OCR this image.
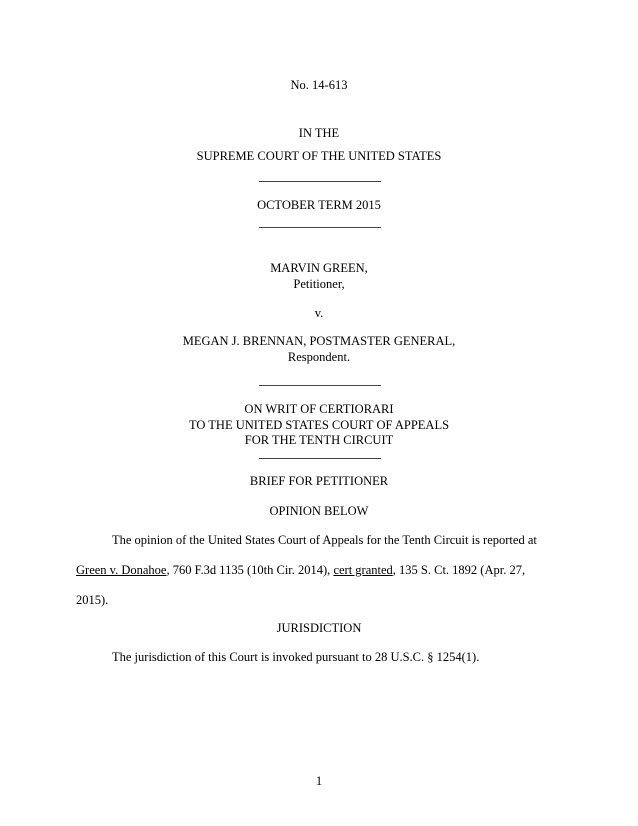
No. 14-613
IN THE
SUPREME COURT OF THE UNITED STATES
OCTOBER TERM 2015
MARVIN GREEN,
Petitioner,
v.
MEGAN J. BRENNAN, POSTMASTER GENERAL,
Respondent.
ON WRIT OF CERTIORARI
TO THE UNITED STATES COURT OF APPEALS
FOR THE TENTH CIRCUIT
BRIEF FOR PETITIONER
OPINION BELOW
The opinion of the United States Court of Appeals for the Tenth Circuit is reported at
Green v. Donahoe, 760 F.3d 1135 (10th Cir. 2014), cert granted, 135 S. Ct. 1892 (Apr. 27,
2015).
JURISDICTION
The jurisdiction of this Court is invoked pursuant to 28 U.S.C. § 1254(1).
1
